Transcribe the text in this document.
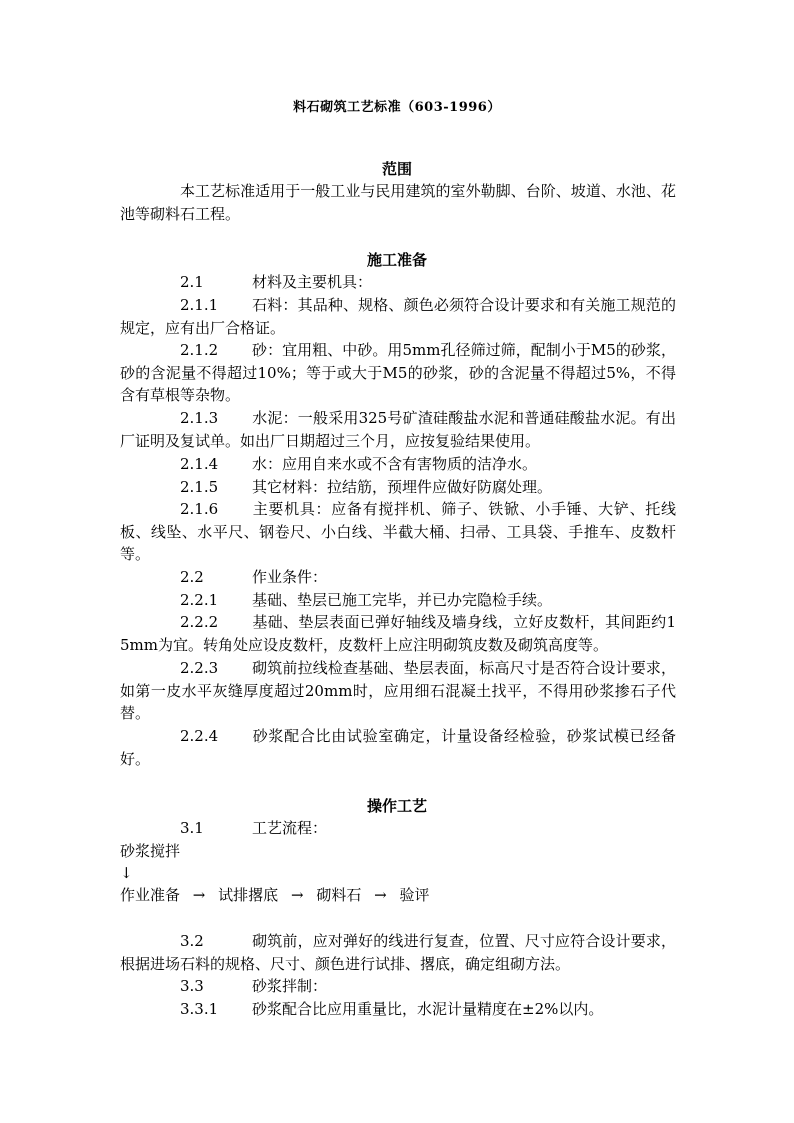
料石砌筑工艺标准（603-1996）
范围
本工艺标准适用于一般工业与民用建筑的室外勒脚、台阶、坡道、水池、花池等砌料石工程。
施工准备
2.1	材料及主要机具：
2.1.1 石料：其品种、规格、颜色必须符合设计要求和有关施工规范的规定，应有出厂合格证。
2.1.2 砂：宜用粗、中砂。用5mm孔径筛过筛，配制小于M5的砂浆，砂的含泥量不得超过10%；等于或大于M5的砂浆，砂的含泥量不得超过5%，不得含有草根等杂物。
2.1.3 水泥：一般采用325号矿渣硅酸盐水泥和普通硅酸盐水泥。有出厂证明及复试单。如出厂日期超过三个月，应按复验结果使用。
2.1.4 水：应用自来水或不含有害物质的洁净水。
2.1.5 其它材料：拉结筋，预埋件应做好防腐处理。
2.1.6 主要机具：应备有搅拌机、筛子、铁锨、小手锤、大铲、托线板、线坠、水平尺、钢卷尺、小白线、半截大桶、扫帚、工具袋、手推车、皮数杆等。
2.2	作业条件：
2.2.1 基础、垫层已施工完毕，并已办完隐检手续。
2.2.2 基础、垫层表面已弹好轴线及墙身线，立好皮数杆，其间距约15mm为宜。转角处应设皮数杆，皮数杆上应注明砌筑皮数及砌筑高度等。
2.2.3 砌筑前拉线检查基础、垫层表面，标高尺寸是否符合设计要求，如第一皮水平灰缝厚度超过20mm时，应用细石混凝土找平，不得用砂浆掺石子代替。
2.2.4 砂浆配合比由试验室确定，计量设备经检验，砂浆试模已经备好。
操作工艺
3.1	工艺流程：
砂浆搅拌
↓
作业准备 → 试排撂底 → 砌料石 → 验评
3.2	砌筑前，应对弹好的线进行复查，位置、尺寸应符合设计要求，根据进场石料的规格、尺寸、颜色进行试排、撂底，确定组砌方法。
3.3	砂浆拌制：
3.3.1 砂浆配合比应用重量比，水泥计量精度在±2%以内。
